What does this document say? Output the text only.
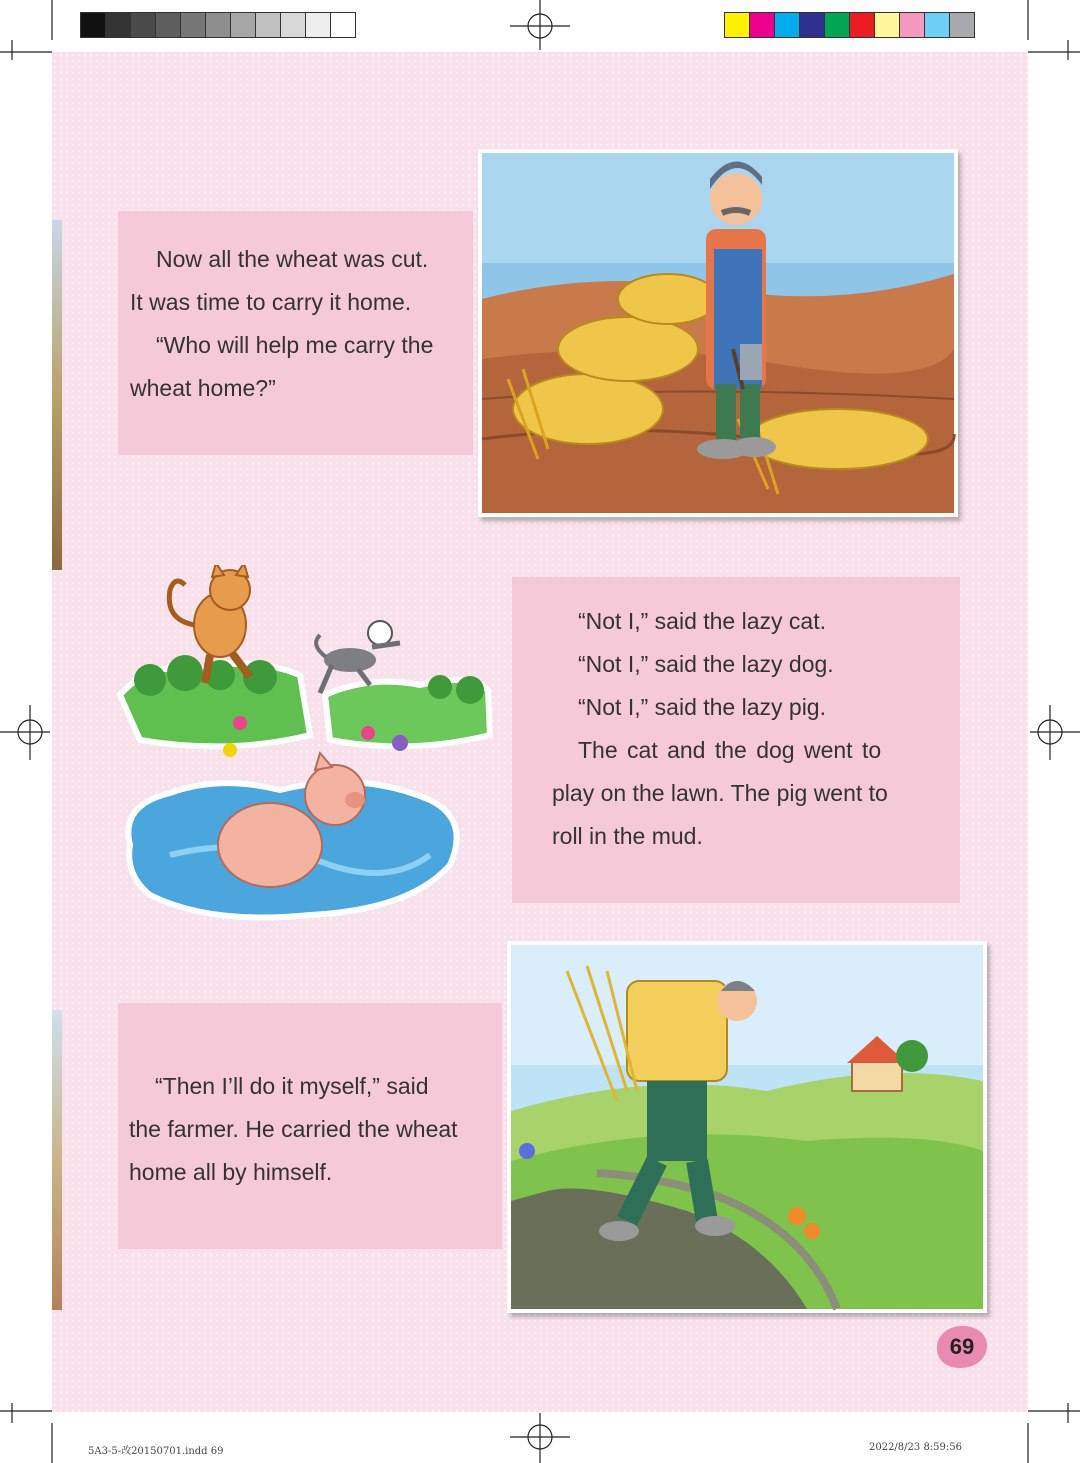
Now all the wheat was cut.

It was time to carry it home.

“Who will help me carry the

wheat home?”

“Not I,” said the lazy cat.

“Not I,” said the lazy dog.

“Not I,” said the lazy pig.

The cat and the dog went to

play on the lawn. The pig went to

roll in the mud.

“Then I’ll do it myself,” said

the farmer. He carried the wheat

home all by himself.

69
5A3-5-改20150701.indd 69	2022/8/23 8:59:56
